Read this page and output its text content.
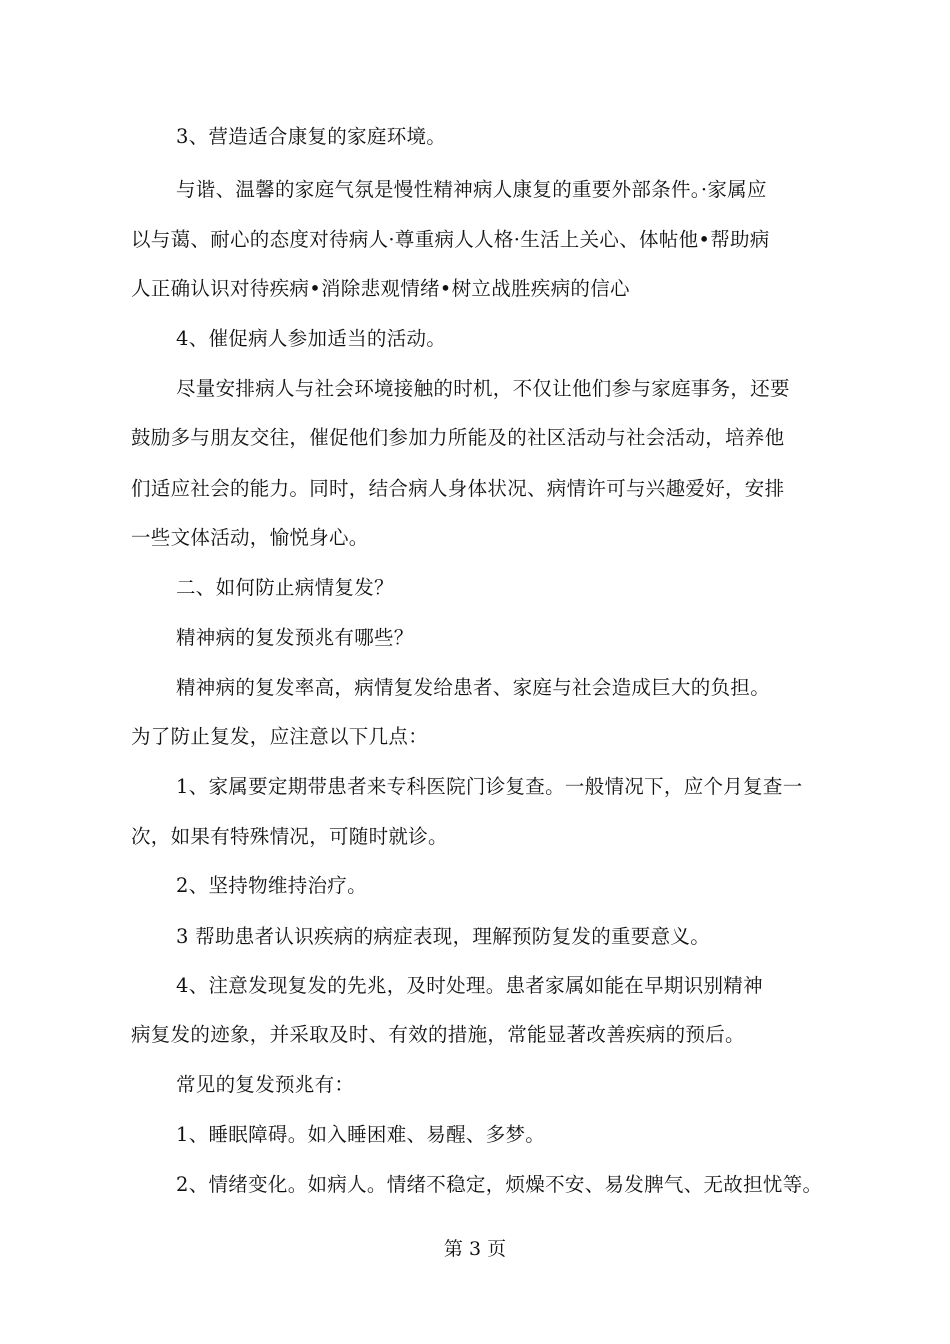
3、营造适合康复的家庭环境。

与谐、温馨的家庭气氛是慢性精神病人康复的重要外部条件。·家属应

以与蔼、耐心的态度对待病人·尊重病人人格·生活上关心、体帖他•帮助病

人正确认识对待疾病•消除悲观情绪•树立战胜疾病的信心

4、催促病人参加适当的活动。

尽量安排病人与社会环境接触的时机，不仅让他们参与家庭事务，还要

鼓励多与朋友交往，催促他们参加力所能及的社区活动与社会活动，培养他

们适应社会的能力。同时，结合病人身体状况、病情许可与兴趣爱好，安排

一些文体活动，愉悦身心。

二、如何防止病情复发？

精神病的复发预兆有哪些？

精神病的复发率高，病情复发给患者、家庭与社会造成巨大的负担。

为了防止复发，应注意以下几点：

1、家属要定期带患者来专科医院门诊复查。一般情况下，应个月复查一

次，如果有特殊情况，可随时就诊。

2、坚持物维持治疗。

3 帮助患者认识疾病的病症表现，理解预防复发的重要意义。

4、注意发现复发的先兆，及时处理。患者家属如能在早期识别精神

病复发的迹象，并采取及时、有效的措施，常能显著改善疾病的预后。

常见的复发预兆有：

1、睡眠障碍。如入睡困难、易醒、多梦。

2、情绪变化。如病人。情绪不稳定，烦燥不安、易发脾气、无故担忧等。

第 3 页
